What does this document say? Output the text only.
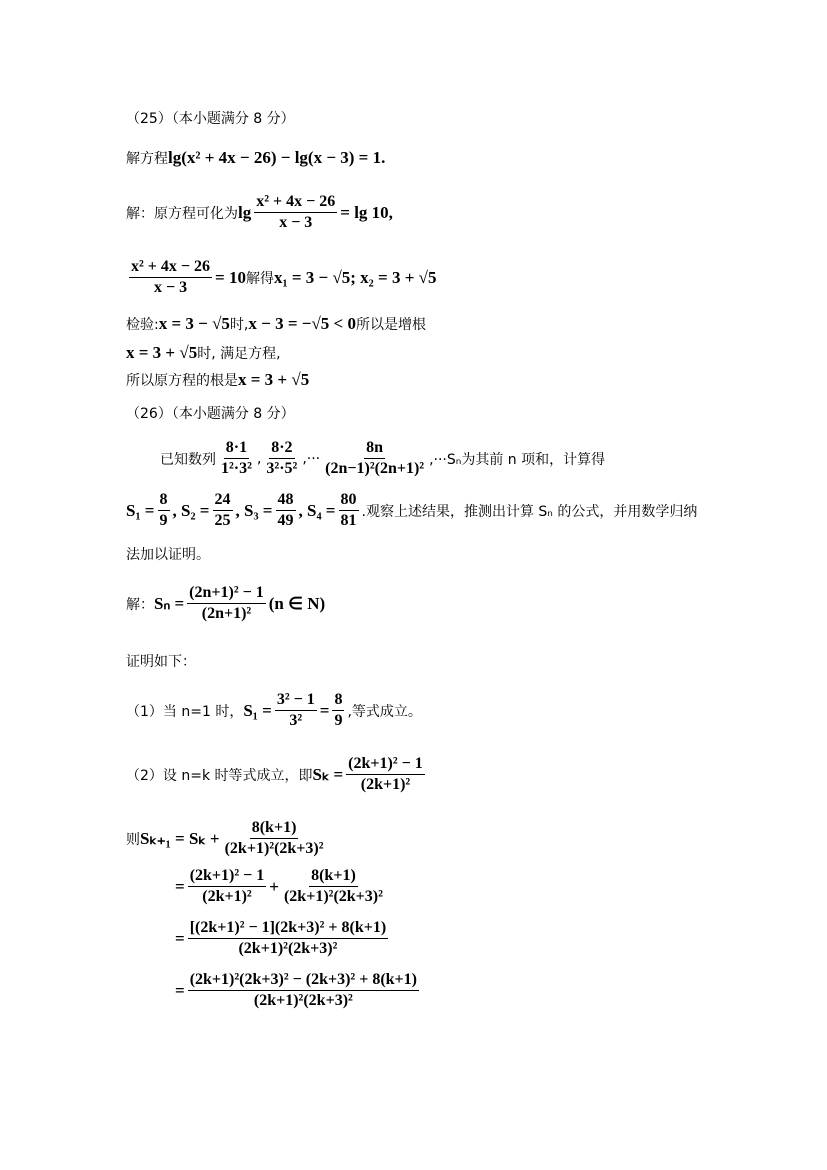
（25）（本小题满分 8 分）
解方程 lg(x² + 4x − 26) − lg(x − 3) = 1.
解：原方程可化为 $\lg \frac{\text{x² + 4x − 26}}{x - 3} = \lg 10$,
$\frac{\text{x² + 4x − 26}}{x - 3} = 10$ 解得 x₁ = 3 − √5; x₂ = 3 + √5
检验: x = 3 − √5 时, x − 3 = −√5 < 0 所以是增根
x = 3 + √5 时, 满足方程,
所以原方程的根是 x = 3 + √5
（26）（本小题满分 8 分）
已知数列 $\frac{8\cdot 1}{\text{1²·3²}}$ , $\frac{8\cdot 2}{\text{3²·5²}}$ ,··· $\frac{8n}{\text{(2n−1)²(2n+1)²}} ,\cdot\cdot\cdot S_n$为其前 n 项和，计算得
$S_1 = \frac{8}{9}$ , $S_2 = \frac{24}{25}$ , $S_3 = \frac{48}{49}$ , $S_4 = \frac{80}{81}$ .观察上述结果，推测出计算 Sₙ 的公式，并用数学归纳
法加以证明。
解： $S_n = \frac{\text{(2n+1)² − 1}}{\text{(2n+1)²}} (n$ ∈ N)
证明如下：
（1）当 n=1 时， $S_1 = \frac{\text{3² − 1}}{\text{3²}} = \frac{8}{9}$ ,等式成立。
（2）设 n=k 时等式成立，即 $S_k = \frac{\text{(2k+1)² − 1}}{\text{(2k+1)²}}$
则 $S_{k+1} = S_k + \frac{8(k+1)}{\text{(2k+1)²(2k+3)²}}$
= $\frac{\text{(2k+1)² − 1}}{\text{(2k+1)²}} + \frac{8(k+1)}{\text{(2k+1)²(2k+3)²}}$
= $\frac{\text{[(2k+1)² − 1](2k+3)² + 8(k+1)}}{\text{(2k+1)²(2k+3)²}}$
= $\frac{\text{(2k+1)²(2k+3)² − (2k+3)² + 8(k+1)}}{\text{(2k+1)²(2k+3)²}}$
